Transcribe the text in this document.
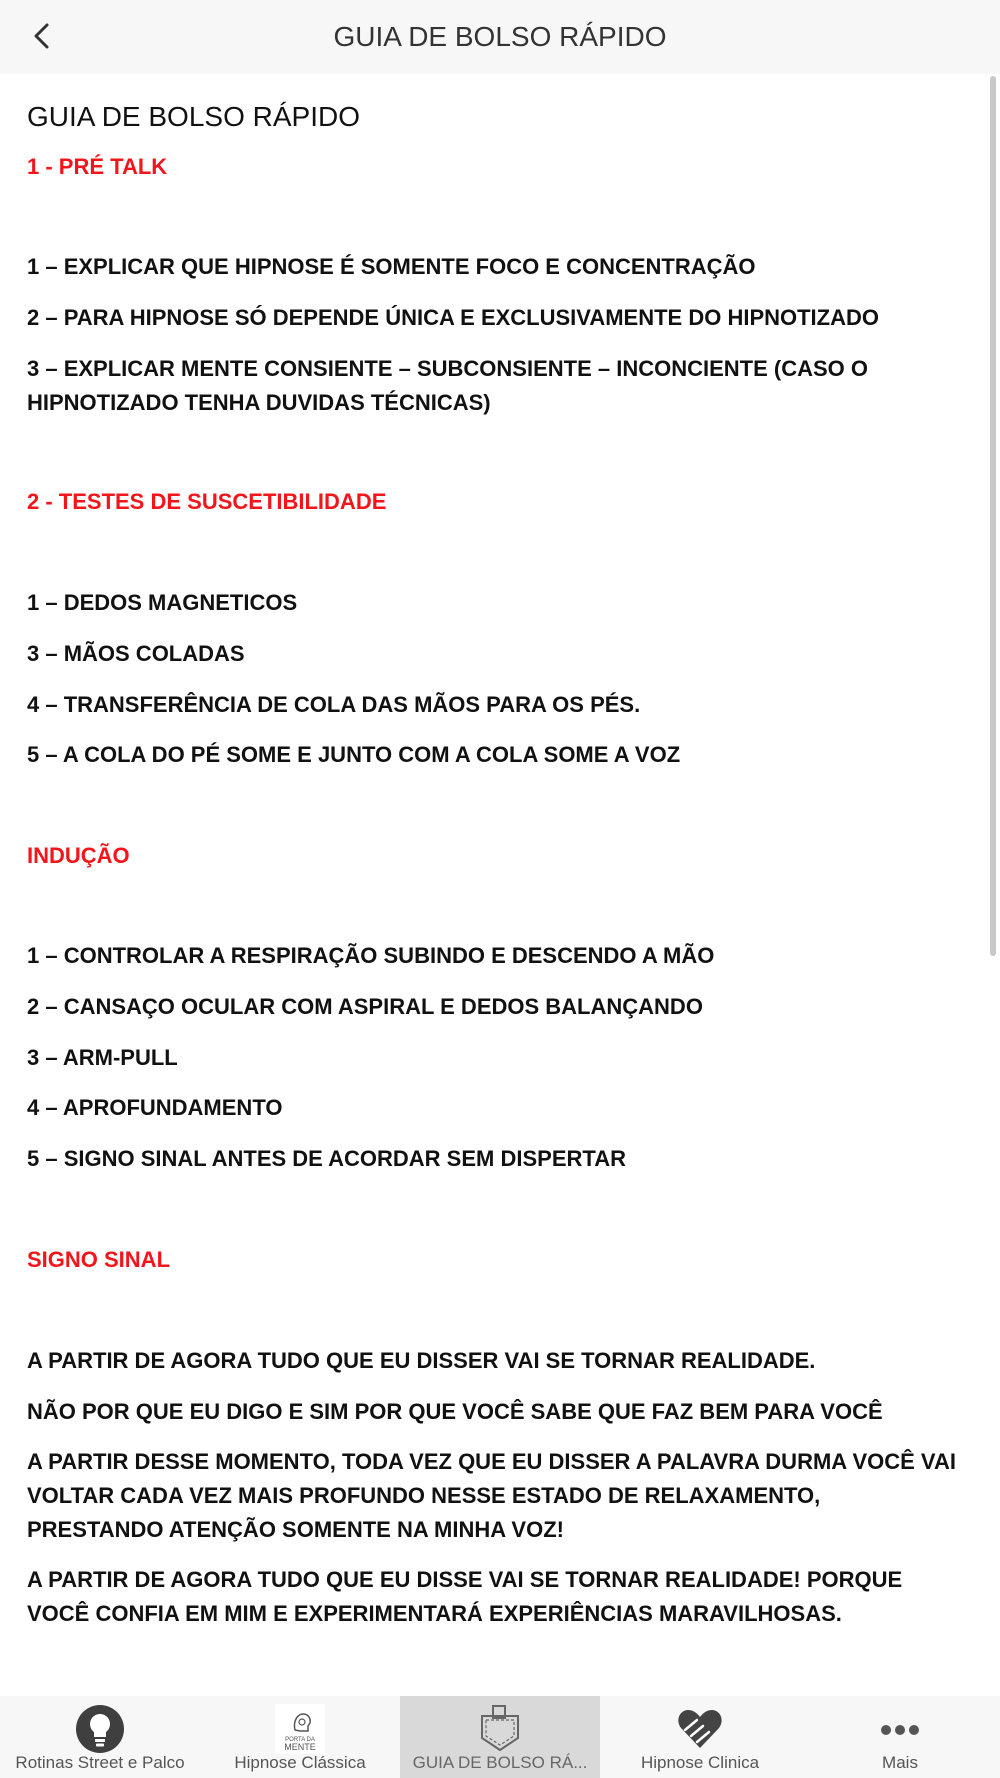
GUIA DE BOLSO RÁPIDO
GUIA DE BOLSO RÁPIDO
1 - PRÉ TALK

1 – EXPLICAR QUE HIPNOSE É SOMENTE FOCO E CONCENTRAÇÃO

2 – PARA HIPNOSE SÓ DEPENDE ÚNICA E EXCLUSIVAMENTE DO HIPNOTIZADO

3 – EXPLICAR MENTE CONSIENTE – SUBCONSIENTE – INCONCIENTE (CASO O HIPNOTIZADO TENHA DUVIDAS TÉCNICAS)

2 - TESTES DE SUSCETIBILIDADE

1 – DEDOS MAGNETICOS

3 – MÃOS COLADAS

4 – TRANSFERÊNCIA DE COLA DAS MÃOS PARA OS PÉS.

5 – A COLA DO PÉ SOME E JUNTO COM A COLA SOME A VOZ

INDUÇÃO

1 – CONTROLAR A RESPIRAÇÃO SUBINDO E DESCENDO A MÃO

2 – CANSAÇO OCULAR COM ASPIRAL E DEDOS BALANÇANDO

3 – ARM-PULL

4 – APROFUNDAMENTO

5 – SIGNO SINAL ANTES DE ACORDAR SEM DISPERTAR

SIGNO SINAL

A PARTIR DE AGORA TUDO QUE EU DISSER VAI SE TORNAR REALIDADE.

NÃO POR QUE EU DIGO E SIM POR QUE VOCÊ SABE QUE FAZ BEM PARA VOCÊ

A PARTIR DESSE MOMENTO, TODA VEZ QUE EU DISSER A PALAVRA DURMA VOCÊ VAI VOLTAR CADA VEZ MAIS PROFUNDO NESSE ESTADO DE RELAXAMENTO, PRESTANDO ATENÇÃO SOMENTE NA MINHA VOZ!

A PARTIR DE AGORA TUDO QUE EU DISSE VAI SE TORNAR REALIDADE! PORQUE VOCÊ CONFIA EM MIM E EXPERIMENTARÁ EXPERIÊNCIAS MARAVILHOSAS.

Rotinas Street e Palco
PORTA DA
MENTE
Hipnose Clássica	GUIA DE BOLSO RÁ...	Hipnose Clinica	Mais
